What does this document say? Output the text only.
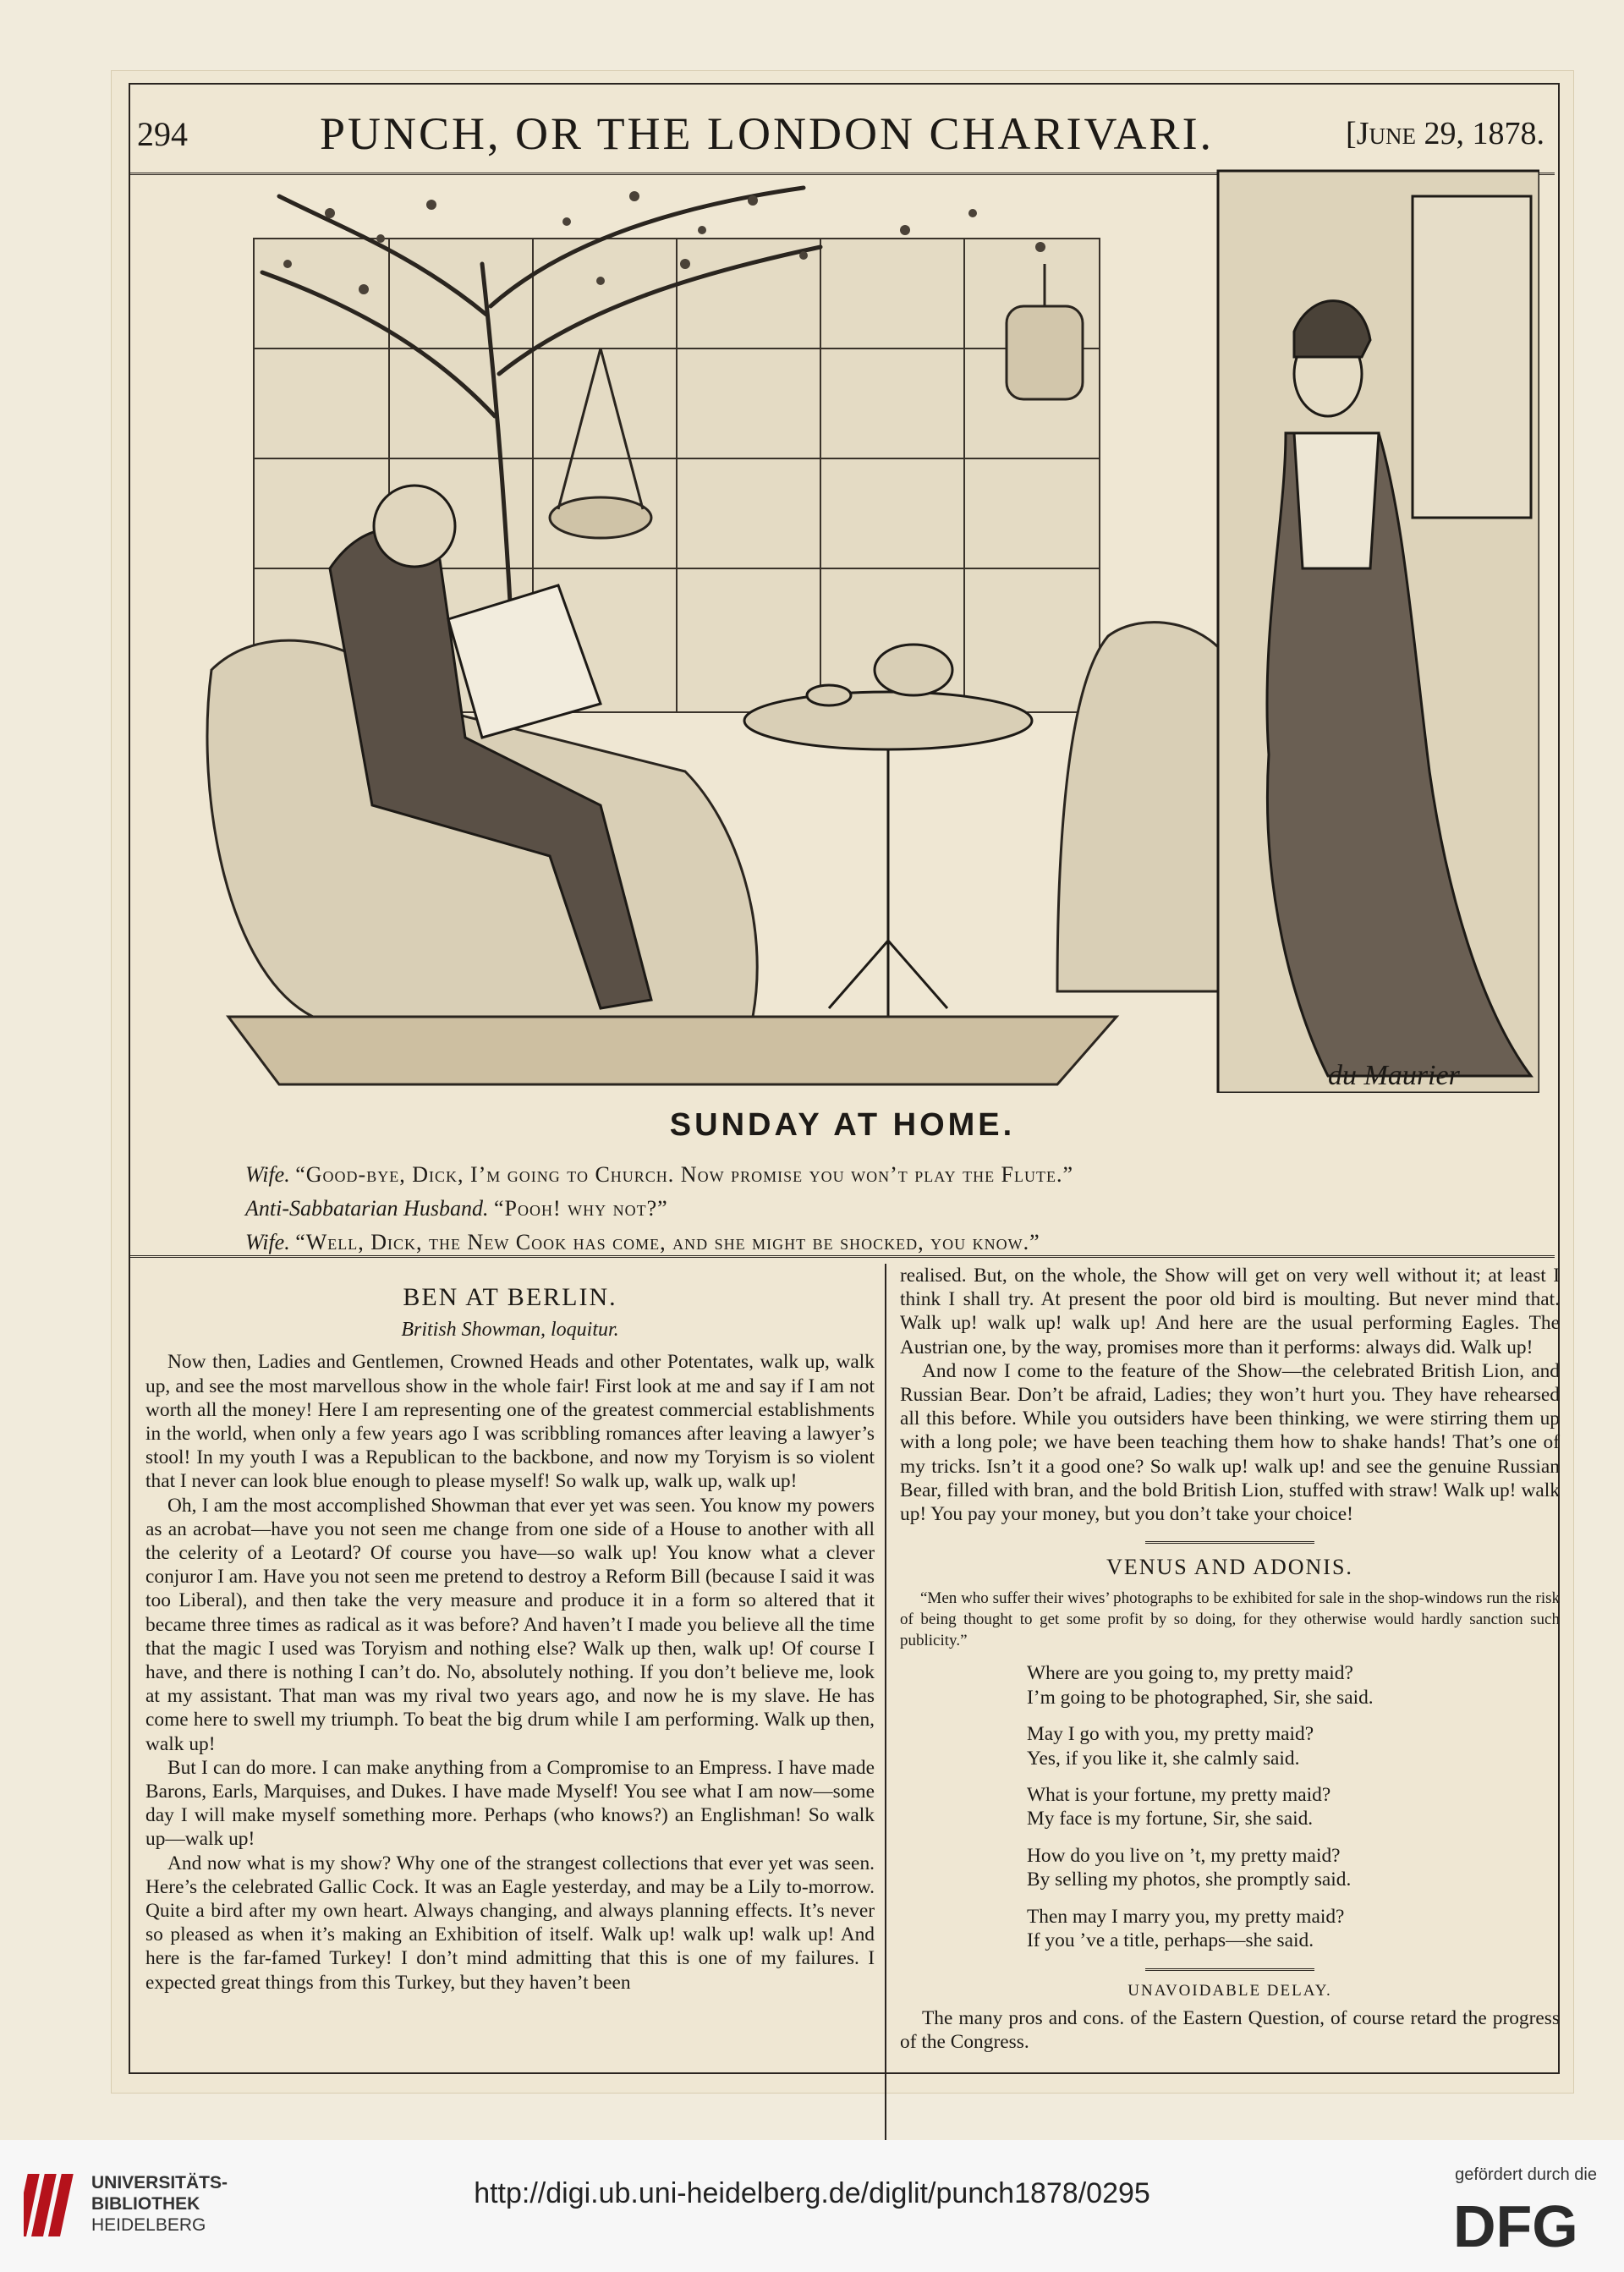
294	PUNCH, OR THE LONDON CHARIVARI.	[June 29, 1878.
du Maurier
SUNDAY AT HOME.
Wife. “Good-bye, Dick, I’m going to Church. Now promise you won’t play the Flute.”
Anti-Sabbatarian Husband. “Pooh! why not?”
Wife. “Well, Dick, the New Cook has come, and she might be shocked, you know.”
BEN AT BERLIN.
British Showman, loquitur.

Now then, Ladies and Gentlemen, Crowned Heads and other Potentates, walk up, walk up, and see the most marvellous show in the whole fair! First look at me and say if I am not worth all the money! Here I am representing one of the greatest commercial establishments in the world, when only a few years ago I was scribbling romances after leaving a lawyer’s stool! In my youth I was a Republican to the backbone, and now my Toryism is so violent that I never can look blue enough to please myself! So walk up, walk up, walk up!

Oh, I am the most accomplished Showman that ever yet was seen. You know my powers as an acrobat—have you not seen me change from one side of a House to another with all the celerity of a Leotard? Of course you have—so walk up! You know what a clever conjuror I am. Have you not seen me pretend to destroy a Reform Bill (because I said it was too Liberal), and then take the very measure and produce it in a form so altered that it became three times as radical as it was before? And haven’t I made you believe all the time that the magic I used was Toryism and nothing else? Walk up then, walk up! Of course I have, and there is nothing I can’t do. No, absolutely nothing. If you don’t believe me, look at my assistant. That man was my rival two years ago, and now he is my slave. He has come here to swell my triumph. To beat the big drum while I am performing. Walk up then, walk up!

But I can do more. I can make anything from a Compromise to an Empress. I have made Barons, Earls, Marquises, and Dukes. I have made Myself! You see what I am now—some day I will make myself something more. Perhaps (who knows?) an Englishman! So walk up—walk up!

And now what is my show? Why one of the strangest collections that ever yet was seen. Here’s the celebrated Gallic Cock. It was an Eagle yesterday, and may be a Lily to-morrow. Quite a bird after my own heart. Always changing, and always planning effects. It’s never so pleased as when it’s making an Exhibition of itself. Walk up! walk up! walk up! And here is the far-famed Turkey! I don’t mind admitting that this is one of my failures. I expected great things from this Turkey, but they haven’t been

realised. But, on the whole, the Show will get on very well without it; at least I think I shall try. At present the poor old bird is moulting. But never mind that. Walk up! walk up! walk up! And here are the usual performing Eagles. The Austrian one, by the way, promises more than it performs: always did. Walk up!

And now I come to the feature of the Show—the celebrated British Lion, and Russian Bear. Don’t be afraid, Ladies; they won’t hurt you. They have rehearsed all this before. While you outsiders have been thinking, we were stirring them up with a long pole; we have been teaching them how to shake hands! That’s one of my tricks. Isn’t it a good one? So walk up! walk up! and see the genuine Russian Bear, filled with bran, and the bold British Lion, stuffed with straw! Walk up! walk up! You pay your money, but you don’t take your choice!

VENUS AND ADONIS.
“Men who suffer their wives’ photographs to be exhibited for sale in the shop-windows run the risk of being thought to get some profit by so doing, for they otherwise would hardly sanction such publicity.”
Where are you going to, my pretty maid?
I’m going to be photographed, Sir, she said.
May I go with you, my pretty maid?
Yes, if you like it, she calmly said.
What is your fortune, my pretty maid?
My face is my fortune, Sir, she said.
How do you live on ’t, my pretty maid?
By selling my photos, she promptly said.
Then may I marry you, my pretty maid?
If you ’ve a title, perhaps—she said.
UNAVOIDABLE DELAY.

The many pros and cons. of the Eastern Question, of course retard the progress of the Congress.

UNIVERSITÄTS-
BIBLIOTHEK
HEIDELBERG
http://digi.ub.uni-heidelberg.de/diglit/punch1878/0295
gefördert durch die
DFG
